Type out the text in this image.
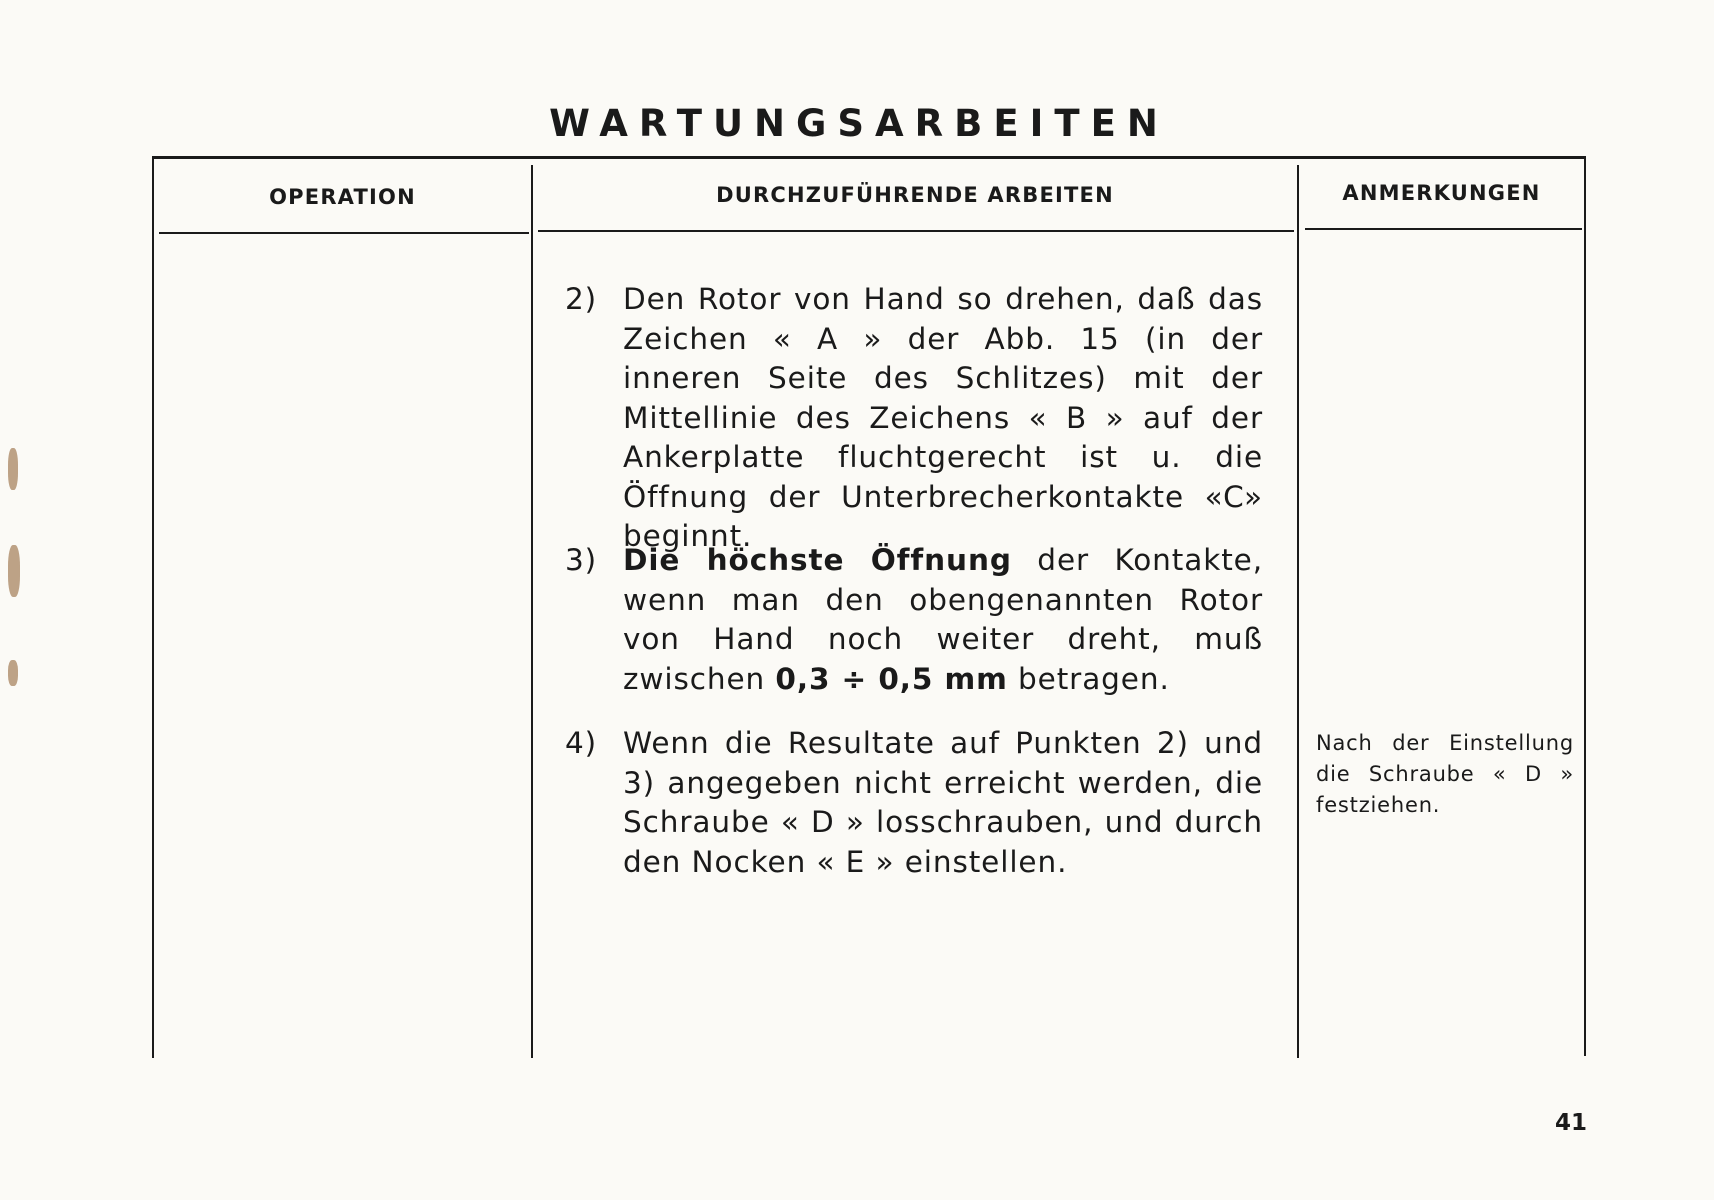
WARTUNGSARBEITEN
OPERATION	DURCHZUFÜHRENDE ARBEITEN	ANMERKUNGEN
2) Den Rotor von Hand so drehen, daß das Zeichen « A » der Abb. 15 (in der inneren Seite des Schlitzes) mit der Mittellinie des Zeichens « B » auf der Ankerplatte fluchtgerecht ist u. die Öffnung der Unterbrecherkontakte «C» beginnt.
3) Die höchste Öffnung der Kontakte, wenn man den obengenannten Rotor von Hand noch weiter dreht, muß zwischen 0,3 ÷ 0,5 mm betragen.
4) Wenn die Resultate auf Punkten 2) und 3) angegeben nicht erreicht werden, die Schraube « D » losschrauben, und durch den Nocken « E » einstellen.
Nach der Einstellung die Schraube « D » festziehen.
41
